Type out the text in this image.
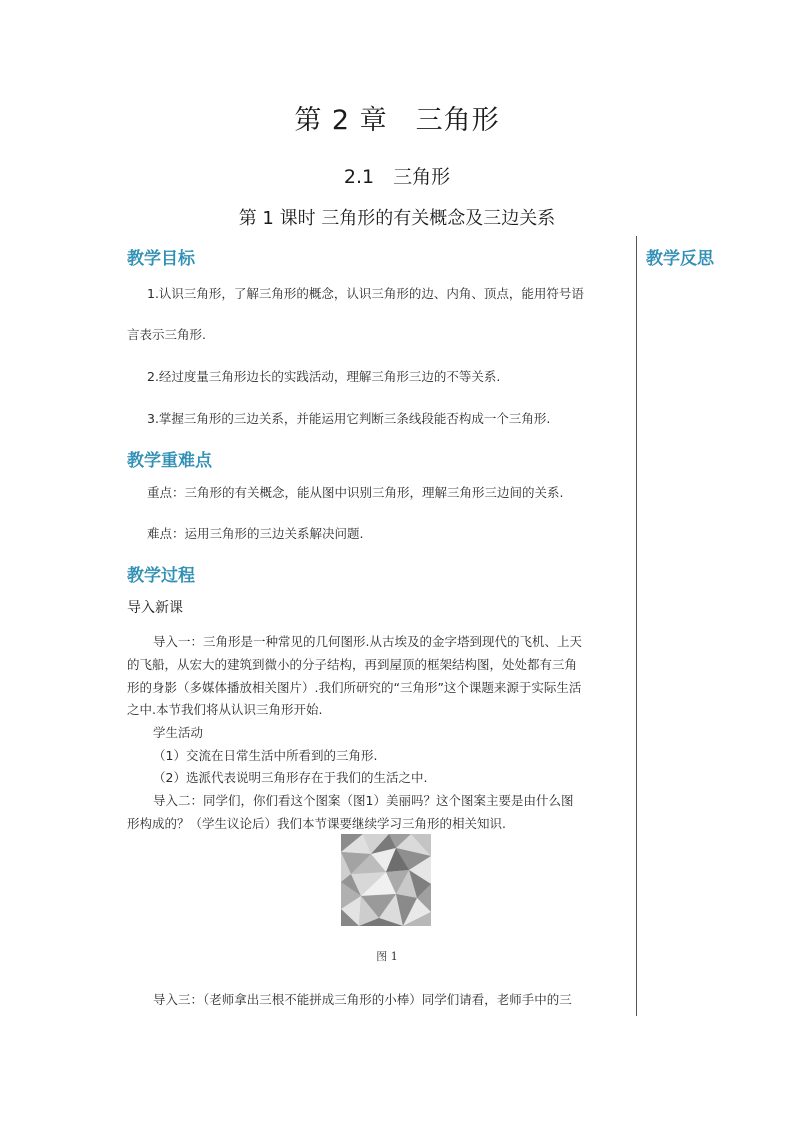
第 2 章　三角形
2.1　三角形
第 1 课时 三角形的有关概念及三边关系
教学反思
教学目标
1.认识三角形，了解三角形的概念，认识三角形的边、内角、顶点，能用符号语
言表示三角形.
2.经过度量三角形边长的实践活动，理解三角形三边的不等关系.
3.掌握三角形的三边关系，并能运用它判断三条线段能否构成一个三角形.
教学重难点
重点：三角形的有关概念，能从图中识别三角形，理解三角形三边间的关系.
难点：运用三角形的三边关系解决问题.
教学过程
导入新课
导入一：三角形是一种常见的几何图形.从古埃及的金字塔到现代的飞机、上天
的飞船，从宏大的建筑到微小的分子结构，再到屋顶的框架结构图，处处都有三角
形的身影（多媒体播放相关图片）.我们所研究的“三角形”这个课题来源于实际生活
之中.本节我们将从认识三角形开始.
学生活动
（1）交流在日常生活中所看到的三角形.
（2）选派代表说明三角形存在于我们的生活之中.
导入二：同学们，你们看这个图案（图1）美丽吗？这个图案主要是由什么图
形构成的？（学生议论后）我们本节课要继续学习三角形的相关知识.
图 1
导入三：（老师拿出三根不能拼成三角形的小棒）同学们请看，老师手中的三
